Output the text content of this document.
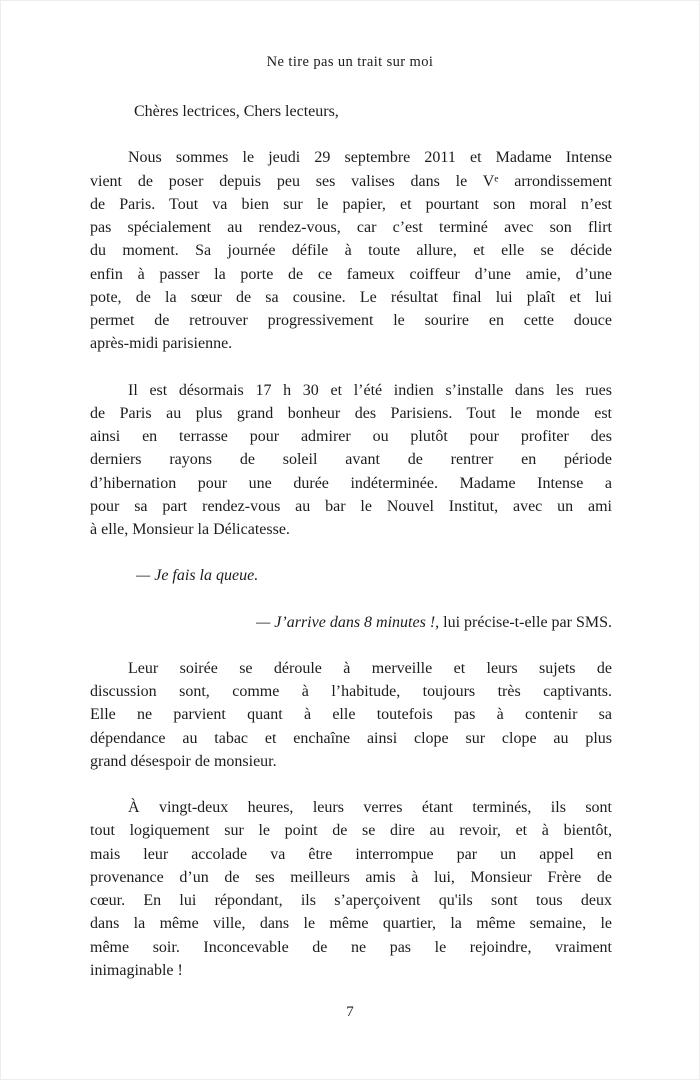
Ne tire pas un trait sur moi
Chères lectrices, Chers lecteurs,
Nous sommes le jeudi 29 septembre 2011 et Madame Intense
vient de poser depuis peu ses valises dans le Vᵉ arrondissement
de Paris. Tout va bien sur le papier, et pourtant son moral n’est
pas spécialement au rendez-vous, car c’est terminé avec son flirt
du moment. Sa journée défile à toute allure, et elle se décide
enfin à passer la porte de ce fameux coiffeur d’une amie, d’une
pote, de la sœur de sa cousine. Le résultat final lui plaît et lui
permet de retrouver progressivement le sourire en cette douce
après-midi parisienne.
Il est désormais 17 h 30 et l’été indien s’installe dans les rues
de Paris au plus grand bonheur des Parisiens. Tout le monde est
ainsi en terrasse pour admirer ou plutôt pour profiter des
derniers rayons de soleil avant de rentrer en période
d’hibernation pour une durée indéterminée. Madame Intense a
pour sa part rendez-vous au bar le Nouvel Institut, avec un ami
à elle, Monsieur la Délicatesse.
— Je fais la queue.
— J’arrive dans 8 minutes !, lui précise-t-elle par SMS.
Leur soirée se déroule à merveille et leurs sujets de
discussion sont, comme à l’habitude, toujours très captivants.
Elle ne parvient quant à elle toutefois pas à contenir sa
dépendance au tabac et enchaîne ainsi clope sur clope au plus
grand désespoir de monsieur.
À vingt-deux heures, leurs verres étant terminés, ils sont
tout logiquement sur le point de se dire au revoir, et à bientôt,
mais leur accolade va être interrompue par un appel en
provenance d’un de ses meilleurs amis à lui, Monsieur Frère de
cœur. En lui répondant, ils s’aperçoivent qu'ils sont tous deux
dans la même ville, dans le même quartier, la même semaine, le
même soir. Inconcevable de ne pas le rejoindre, vraiment
inimaginable !
7
